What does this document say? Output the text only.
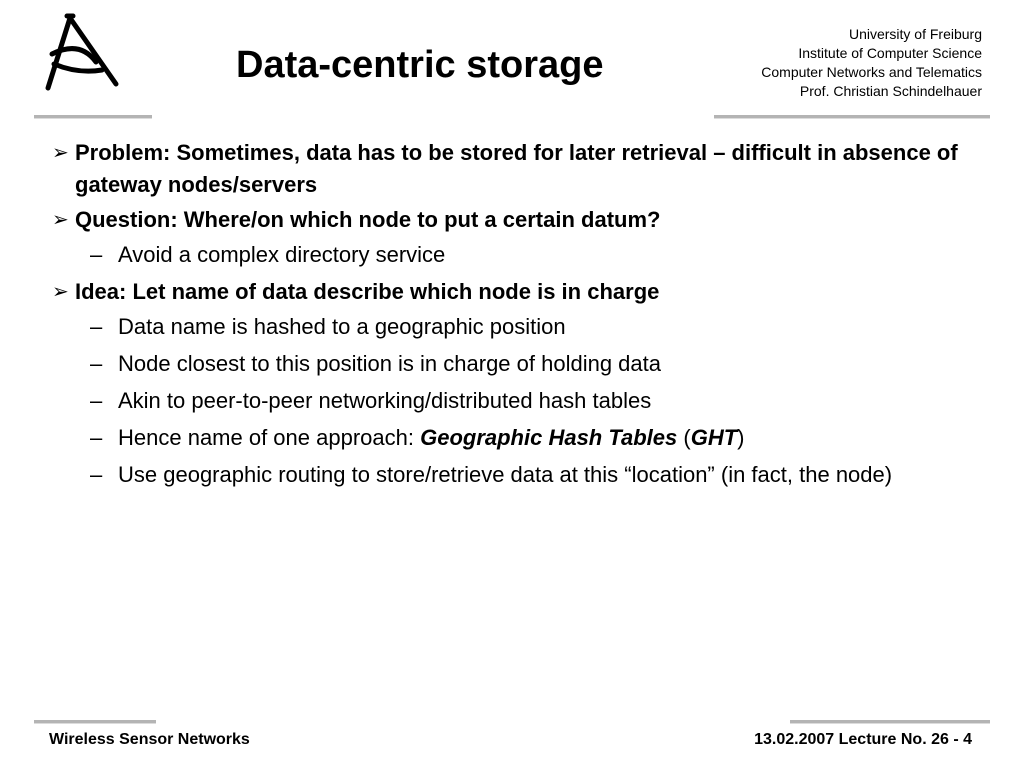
Data-centric storage
University of Freiburg
Institute of Computer Science
Computer Networks and Telematics
Prof. Christian Schindelhauer
➢ Problem: Sometimes, data has to be stored for later retrieval – difficult in absence of gateway nodes/servers
➢ Question: Where/on which node to put a certain datum?
– Avoid a complex directory service
➢ Idea: Let name of data describe which node is in charge
– Data name is hashed to a geographic position
– Node closest to this position is in charge of holding data
– Akin to peer-to-peer networking/distributed hash tables
– Hence name of one approach: Geographic Hash Tables (GHT)
– Use geographic routing to store/retrieve data at this “location” (in fact, the node)
Wireless Sensor Networks	13.02.2007 Lecture No. 26 - 4
